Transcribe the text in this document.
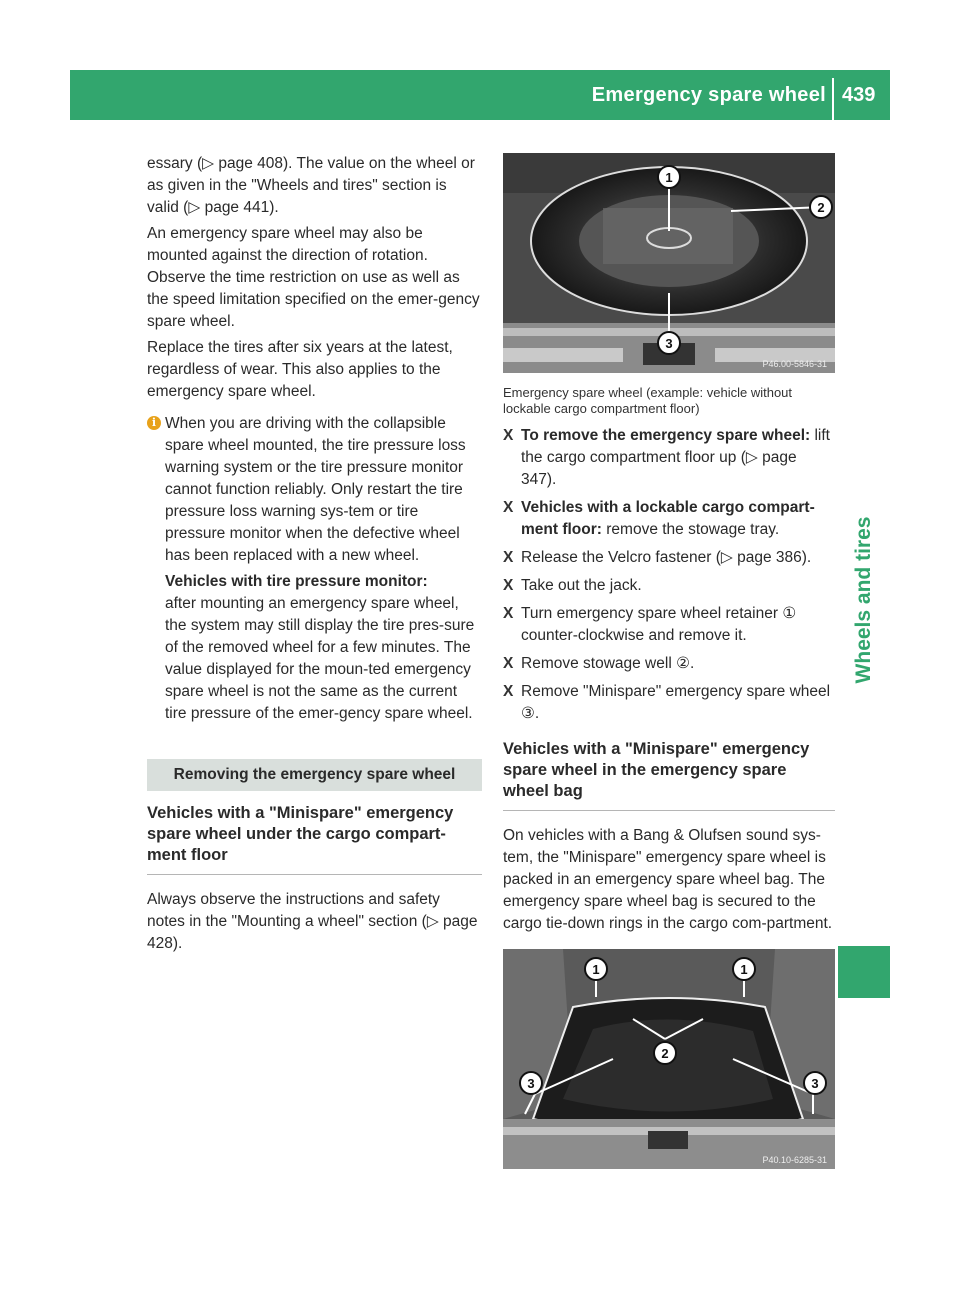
Emergency spare wheel 439
Wheels and tires

essary (▷ page 408). The value on the wheel or as given in the "Wheels and tires" section is valid (▷ page 441).

An emergency spare wheel may also be mounted against the direction of rotation. Observe the time restriction on use as well as the speed limitation specified on the emer-gency spare wheel.

Replace the tires after six years at the latest, regardless of wear. This also applies to the emergency spare wheel.

i When you are driving with the collapsible spare wheel mounted, the tire pressure loss warning system or the tire pressure monitor cannot function reliably. Only restart the tire pressure loss warning sys-tem or tire pressure monitor when the defective wheel has been replaced with a new wheel.

Vehicles with tire pressure monitor:

after mounting an emergency spare wheel, the system may still display the tire pres-sure of the removed wheel for a few minutes. The value displayed for the moun-ted emergency spare wheel is not the same as the current tire pressure of the emer-gency spare wheel.

Removing the emergency spare wheel
Vehicles with a "Minispare" emergency spare wheel under the cargo compart-ment floor

Always observe the instructions and safety notes in the "Mounting a wheel" section (▷ page 428).

1
2
3
P46.00-5846-31
Emergency spare wheel (example: vehicle without lockable cargo compartment floor)
X To remove the emergency spare wheel: lift the cargo compartment floor up (▷ page 347).
X Vehicles with a lockable cargo compart-ment floor: remove the stowage tray.
X Release the Velcro fastener (▷ page 386).
X Take out the jack.
X Turn emergency spare wheel retainer ① counter-clockwise and remove it.
X Remove stowage well ②.
X Remove "Minispare" emergency spare wheel ③.
Vehicles with a "Minispare" emergency spare wheel in the emergency spare wheel bag

On vehicles with a Bang & Olufsen sound sys-tem, the "Minispare" emergency spare wheel is packed in an emergency spare wheel bag. The emergency spare wheel bag is secured to the cargo tie-down rings in the cargo com-partment.

1	1
2
3	3
P40.10-6285-31
